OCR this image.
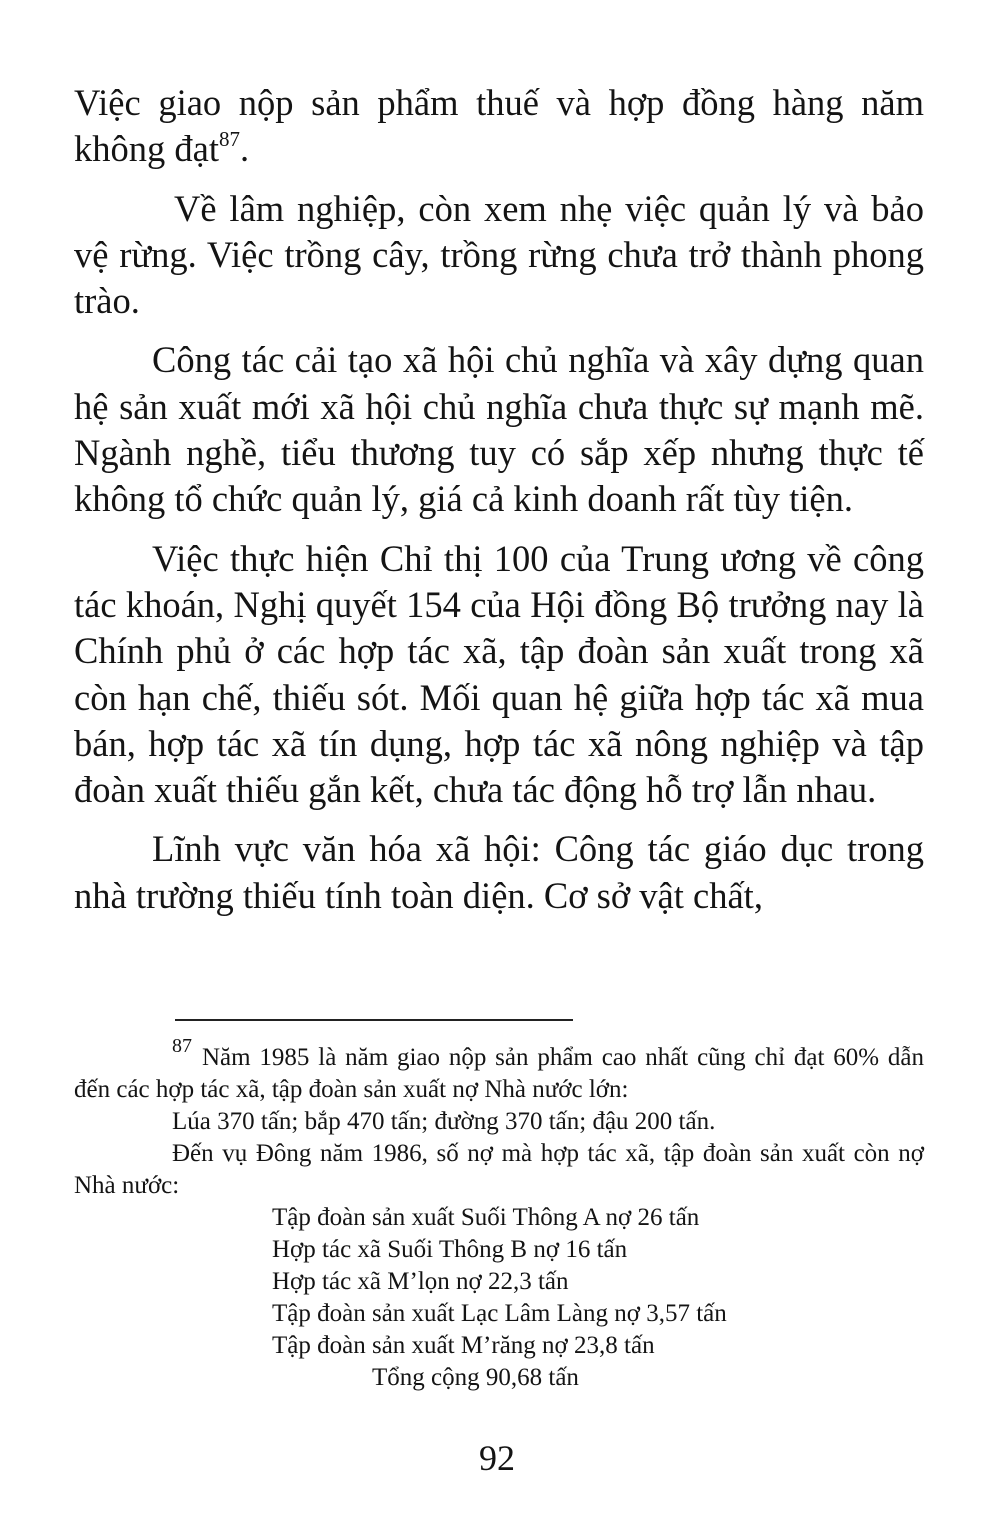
Việc giao nộp sản phẩm thuế và hợp đồng hàng năm không đạt$^{87}$.

Về lâm nghiệp, còn xem nhẹ việc quản lý và bảo vệ rừng. Việc trồng cây, trồng rừng chưa trở thành phong trào.

Công tác cải tạo xã hội chủ nghĩa và xây dựng quan hệ sản xuất mới xã hội chủ nghĩa chưa thực sự mạnh mẽ. Ngành nghề, tiểu thương tuy có sắp xếp nhưng thực tế không tổ chức quản lý, giá cả kinh doanh rất tùy tiện.

Việc thực hiện Chỉ thị 100 của Trung ương về công tác khoán, Nghị quyết 154 của Hội đồng Bộ trưởng nay là Chính phủ ở các hợp tác xã, tập đoàn sản xuất trong xã còn hạn chế, thiếu sót. Mối quan hệ giữa hợp tác xã mua bán, hợp tác xã tín dụng, hợp tác xã nông nghiệp và tập đoàn xuất thiếu gắn kết, chưa tác động hỗ trợ lẫn nhau.

Lĩnh vực văn hóa xã hội: Công tác giáo dục trong nhà trường thiếu tính toàn diện. Cơ sở vật chất,

$^{87}$ Năm 1985 là năm giao nộp sản phẩm cao nhất cũng chỉ đạt 60% dẫn đến các hợp tác xã, tập đoàn sản xuất nợ Nhà nước lớn:

Lúa 370 tấn; bắp 470 tấn; đường 370 tấn; đậu 200 tấn.

Đến vụ Đông năm 1986, số nợ mà hợp tác xã, tập đoàn sản xuất còn nợ Nhà nước:

Tập đoàn sản xuất Suối Thông A nợ 26 tấn
Hợp tác xã Suối Thông B nợ 16 tấn
Hợp tác xã M’lọn nợ 22,3 tấn
Tập đoàn sản xuất Lạc Lâm Làng nợ 3,57 tấn
Tập đoàn sản xuất M’răng nợ 23,8 tấn

Tổng cộng 90,68 tấn

92
